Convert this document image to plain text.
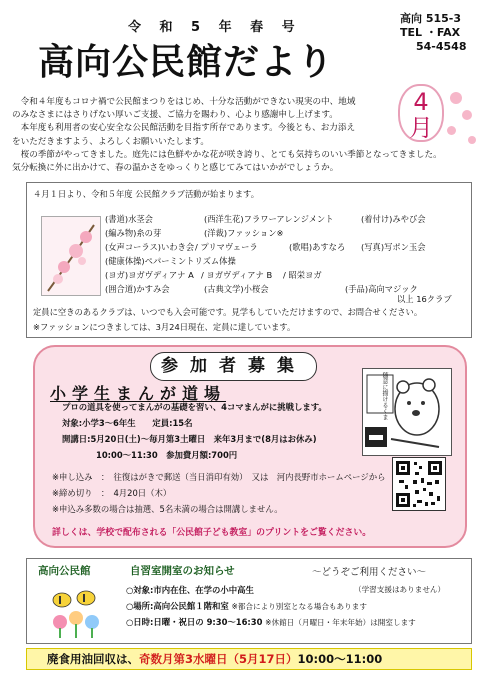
令 和 5 年 春 号
高向公民館だより
高向 515-3
TEL ・FAX
54-4548
4
月

令和４年度もコロナ禍で公民館まつりをはじめ、十分な活動ができない現実の中、地域

のみなさまにはさりげない厚いご支援、ご協力を賜わり、心より感謝申し上げます。

本年度も利用者の安心安全な公民館活動を目指す所存であります。今後とも、お力添え

をいただきますよう、よろしくお願いいたします。

桜の季節がやってきました。庭先には色鮮やかな花が咲き誇り、とても気持ちのいい季節となってきました。

気分転換に外に出かけて、春の温かさをゆっくりと感じてみてはいかがでしょうか。

４月１日より、令和５年度 公民館クラブ活動が始まります。
(書道)水茎会	(西洋生花)フラワーアレンジメント	(着付け)みやび会
(編み物)糸の芽	(洋裁)ファッション※
(女声コーラス)いわき会 / プリマヴェーラ	(歌唱)あすなろ (写真)写ポン玉会
(健康体操)ペパーミントリズム体操
(ヨガ)ヨガヴディアナ A / ヨガヴディアナ B / 昭栄ヨガ
(囲合道)かすみ会	(古典文学)小桜会	(手品)高向マジック
以上 16クラブ
定員に空きのあるクラブは、いつでも入会可能です。見学もしていただけますので、お問合せください。
※ファッションにつきましては、3月24日現在、定員に達しています。
参加者募集
小学生まんが道場	随意に描けるくま
プロの道具を使ってまんがの基礎を習い、4コマまんがに挑戦します。
対象:小学3～6年生　　定員:15名
開講日:5月20日(土)～毎月第3土曜日　来年3月まで(8月はお休み)
10:00～11:30　参加費月額:700円
※申し込み　：　往復はがきで郵送（当日消印有効）　又は　河内長野市ホームページから
※締め切り　：　4月20日（木）
※申込み多数の場合は抽選、5名未満の場合は開講しません。
詳しくは、学校で配布される「公民館子ども教室」のプリントをご覧ください。
高向公民館	自習室開室のお知らせ	～どうぞご利用ください～
○対象:市内在住、在学の小中高生	（学習支援はありません）
○場所:高向公民館１階和室 ※都合により別室となる場合もあります
○日時:日曜・祝日の 9:30～16:30 ※休館日（月曜日・年末年始）は開室します
廃食用油回収は、奇数月第3水曜日（5月17日）10:00～11:00
